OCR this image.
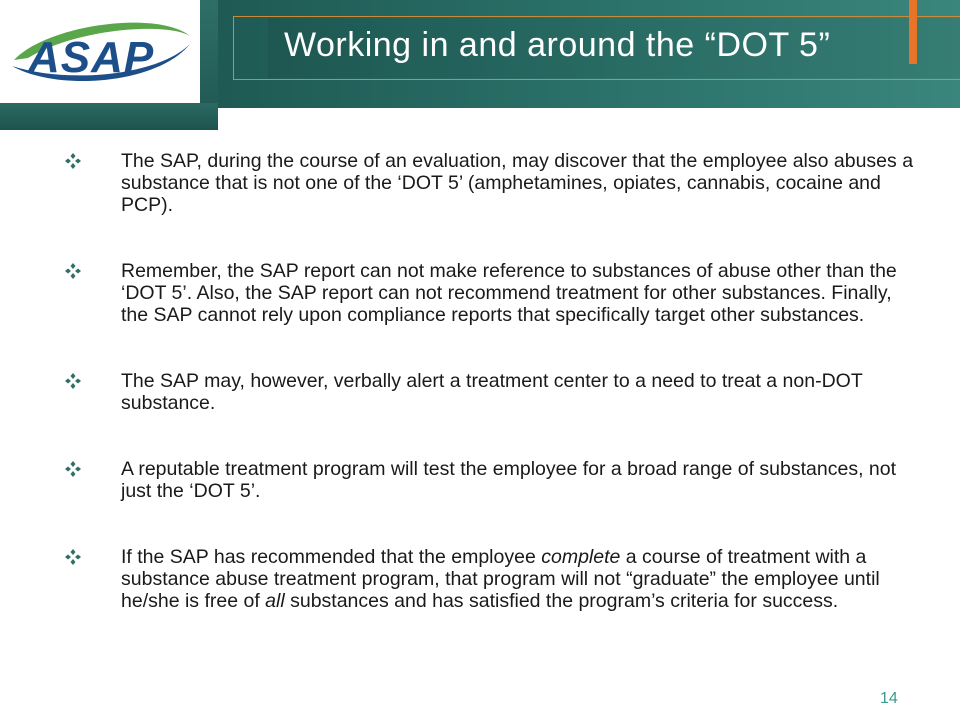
ASAP	Working in and around the “DOT 5”
The SAP, during the course of an evaluation, may discover that the employee also abuses a substance that is not one of the ‘DOT 5’ (amphetamines, opiates, cannabis, cocaine and PCP).
Remember, the SAP report can not make reference to substances of abuse other than the ‘DOT 5’. Also, the SAP report can not recommend treatment for other substances. Finally, the SAP cannot rely upon compliance reports that specifically target other substances.
The SAP may, however, verbally alert a treatment center to a need to treat a non-DOT substance.
A reputable treatment program will test the employee for a broad range of substances, not just the ‘DOT 5’.
If the SAP has recommended that the employee complete a course of treatment with a substance abuse treatment program, that program will not “graduate” the employee until he/she is free of all substances and has satisfied the program’s criteria for success.
14
